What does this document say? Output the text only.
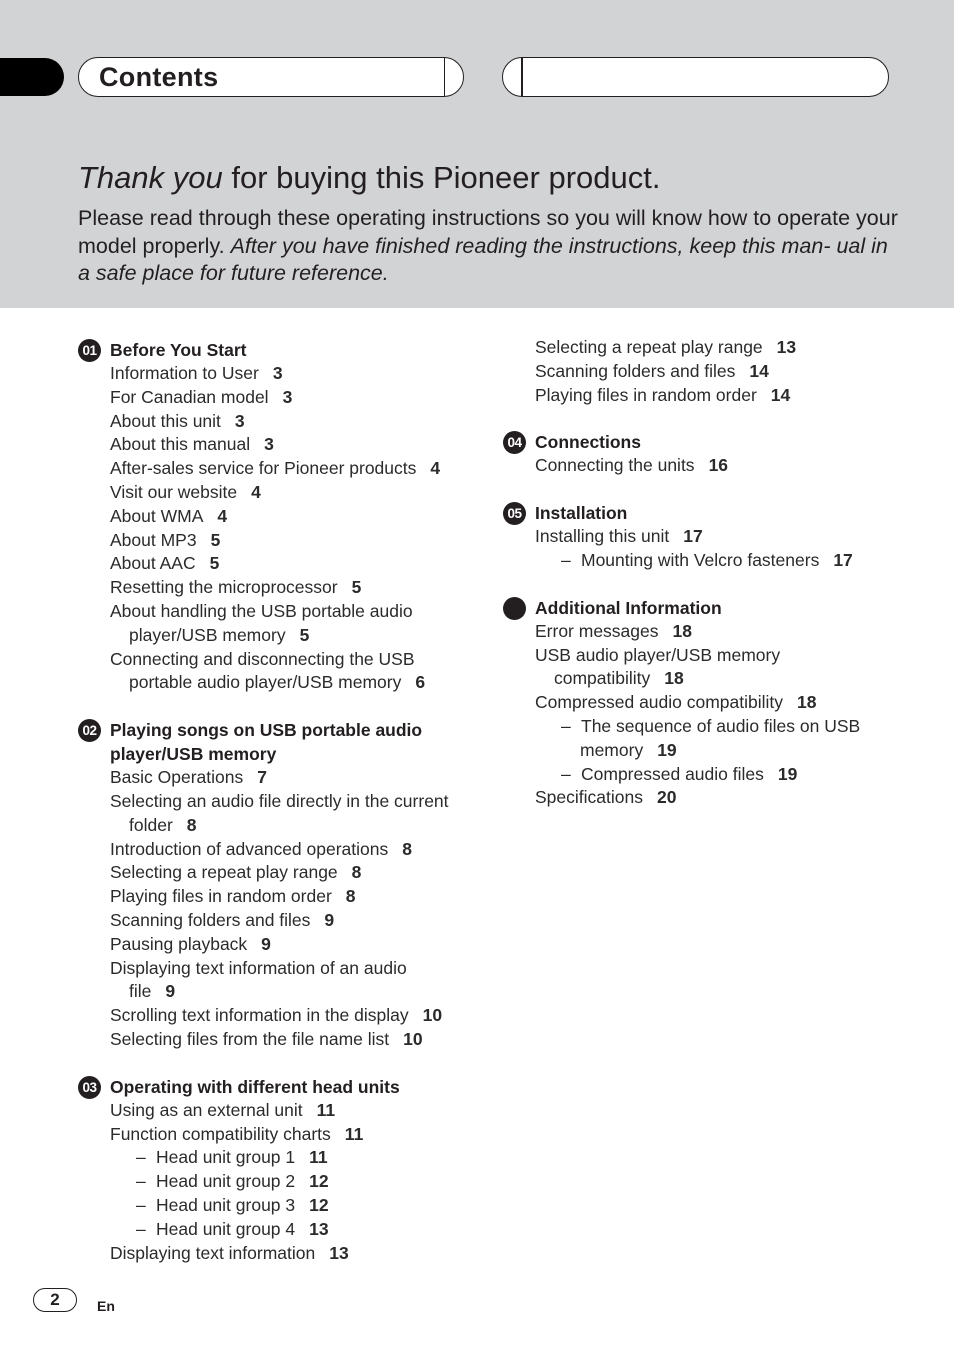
Contents
Thank you for buying this Pioneer product.
Please read through these operating instructions so you will know how to operate your model properly. After you have finished reading the instructions, keep this man- ual in a safe place for future reference.
01 Before You Start
Information to User 3
For Canadian model 3
About this unit 3
About this manual 3
After-sales service for Pioneer products 4
Visit our website 4
About WMA 4
About MP3 5
About AAC 5
Resetting the microprocessor 5
About handling the USB portable audio
player/USB memory 5
Connecting and disconnecting the USB
portable audio player/USB memory 6
02 Playing songs on USB portable audio
player/USB memory
Basic Operations 7
Selecting an audio file directly in the current
folder 8
Introduction of advanced operations 8
Selecting a repeat play range 8
Playing files in random order 8
Scanning folders and files 9
Pausing playback 9
Displaying text information of an audio
file 9
Scrolling text information in the display 10
Selecting files from the file name list 10
03 Operating with different head units
Using as an external unit 11
Function compatibility charts 11
– Head unit group 1 11
– Head unit group 2 12
– Head unit group 3 12
– Head unit group 4 13
Displaying text information 13
Selecting a repeat play range 13
Scanning folders and files 14
Playing files in random order 14
04 Connections
Connecting the units 16
05 Installation
Installing this unit 17
– Mounting with Velcro fasteners 17
Additional Information
Error messages 18
USB audio player/USB memory
compatibility 18
Compressed audio compatibility 18
– The sequence of audio files on USB
memory 19
– Compressed audio files 19
Specifications 20
2	En
